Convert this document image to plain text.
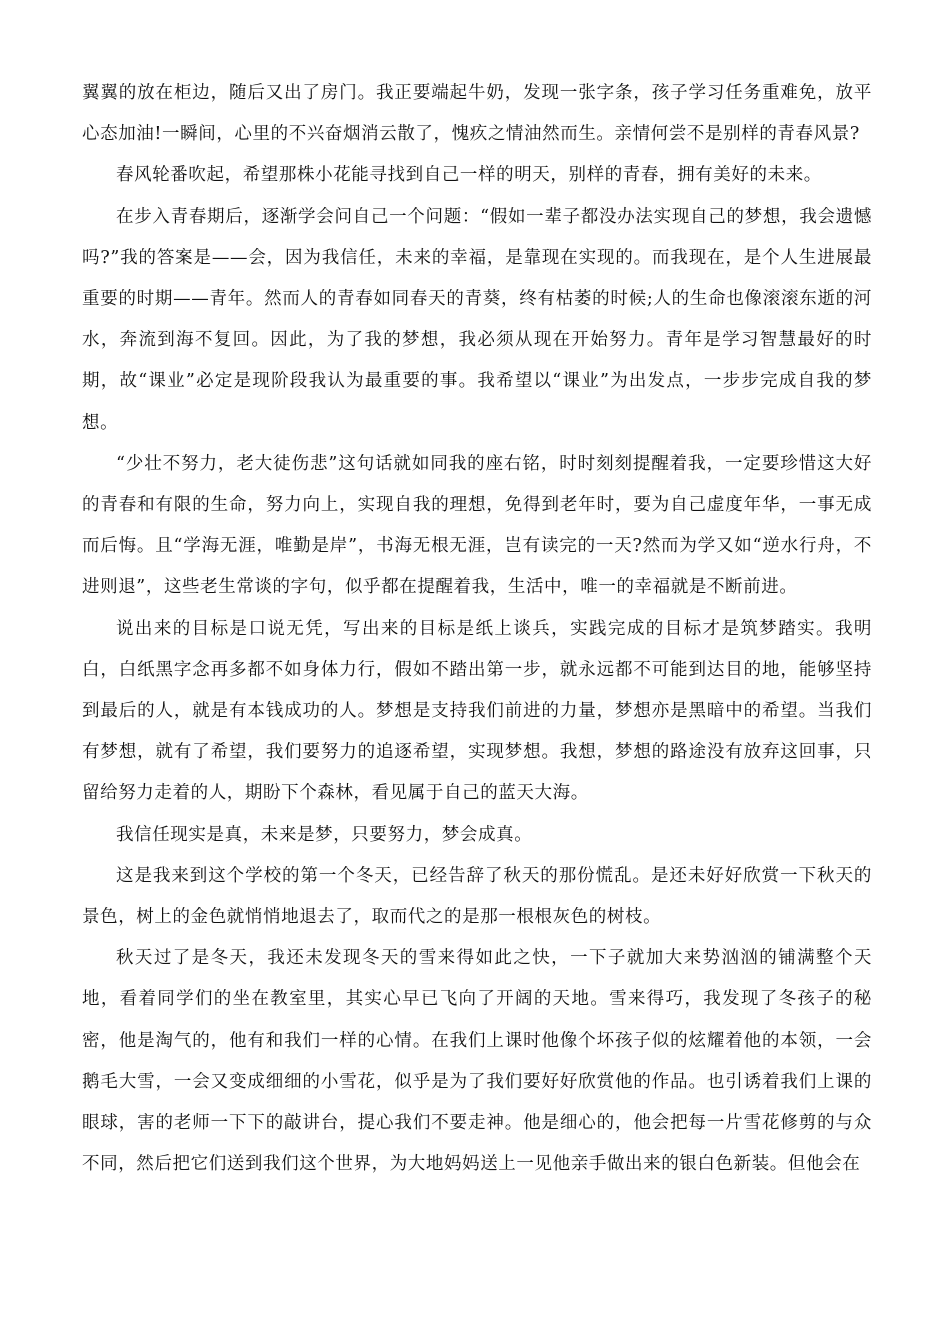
翼翼的放在柜边，随后又出了房门。我正要端起牛奶，发现一张字条，孩子学习任务重难免，放平心态加油!一瞬间，心里的不兴奋烟消云散了，愧疚之情油然而生。亲情何尝不是别样的青春风景?

春风轮番吹起，希望那株小花能寻找到自己一样的明天，别样的青春，拥有美好的未来。

在步入青春期后，逐渐学会问自己一个问题：“假如一辈子都没办法实现自己的梦想，我会遗憾吗?”我的答案是——会，因为我信任，未来的幸福，是靠现在实现的。而我现在，是个人生进展最重要的时期——青年。然而人的青春如同春天的青葵，终有枯萎的时候;人的生命也像滚滚东逝的河水，奔流到海不复回。因此，为了我的梦想，我必须从现在开始努力。青年是学习智慧最好的时期，故“课业”必定是现阶段我认为最重要的事。我希望以“课业”为出发点，一步步完成自我的梦想。

“少壮不努力，老大徒伤悲”这句话就如同我的座右铭，时时刻刻提醒着我，一定要珍惜这大好的青春和有限的生命，努力向上，实现自我的理想，免得到老年时，要为自己虚度年华，一事无成而后悔。且“学海无涯，唯勤是岸”，书海无根无涯，岂有读完的一天?然而为学又如“逆水行舟，不进则退”，这些老生常谈的字句，似乎都在提醒着我，生活中，唯一的幸福就是不断前进。

说出来的目标是口说无凭，写出来的目标是纸上谈兵，实践完成的目标才是筑梦踏实。我明白，白纸黑字念再多都不如身体力行，假如不踏出第一步，就永远都不可能到达目的地，能够坚持到最后的人，就是有本钱成功的人。梦想是支持我们前进的力量，梦想亦是黑暗中的希望。当我们有梦想，就有了希望，我们要努力的追逐希望，实现梦想。我想，梦想的路途没有放弃这回事，只留给努力走着的人，期盼下个森林，看见属于自己的蓝天大海。

我信任现实是真，未来是梦，只要努力，梦会成真。

这是我来到这个学校的第一个冬天，已经告辞了秋天的那份慌乱。是还未好好欣赏一下秋天的景色，树上的金色就悄悄地退去了，取而代之的是那一根根灰色的树枝。

秋天过了是冬天，我还未发现冬天的雪来得如此之快，一下子就加大来势汹汹的铺满整个天地，看着同学们的坐在教室里，其实心早已飞向了开阔的天地。雪来得巧，我发现了冬孩子的秘密，他是淘气的，他有和我们一样的心情。在我们上课时他像个坏孩子似的炫耀着他的本领，一会鹅毛大雪，一会又变成细细的小雪花，似乎是为了我们要好好欣赏他的作品。也引诱着我们上课的眼球，害的老师一下下的敲讲台，提心我们不要走神。他是细心的，他会把每一片雪花修剪的与众不同，然后把它们送到我们这个世界，为大地妈妈送上一见他亲手做出来的银白色新装。但他会在
